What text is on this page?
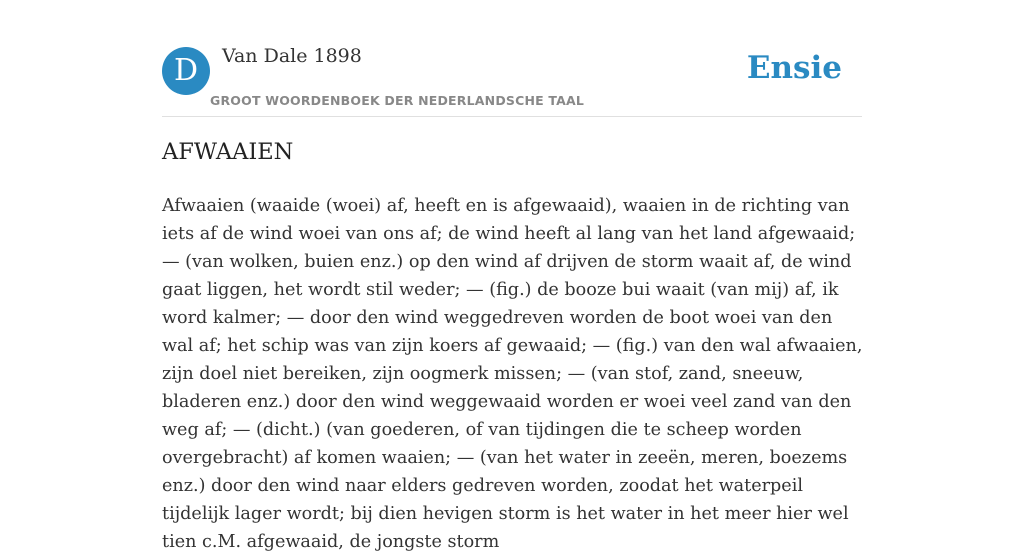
D	Van Dale 1898
GROOT WOORDENBOEK DER NEDERLANDSCHE TAAL
Ensie
AFWAAIEN

Afwaaien (waaide (woei) af, heeft en is afgewaaid), waaien in de richting van iets af de wind woei van ons af; de wind heeft al lang van het land afgewaaid; — (van wolken, buien enz.) op den wind af drijven de storm waait af, de wind gaat liggen, het wordt stil weder; — (fig.) de booze bui waait (van mij) af, ik word kalmer; — door den wind weggedreven worden de boot woei van den wal af; het schip was van zijn koers af gewaaid; — (fig.) van den wal afwaaien, zijn doel niet bereiken, zijn oogmerk missen; — (van stof, zand, sneeuw, bladeren enz.) door den wind weggewaaid worden er woei veel zand van den weg af; — (dicht.) (van goederen, of van tijdingen die te scheep worden overgebracht) af komen waaien; — (van het water in zeeën, meren, boezems enz.) door den wind naar elders gedreven worden, zoodat het waterpeil tijdelijk lager wordt; bij dien hevigen storm is het water in het meer hier wel tien c.M. afgewaaid, de jongste storm
